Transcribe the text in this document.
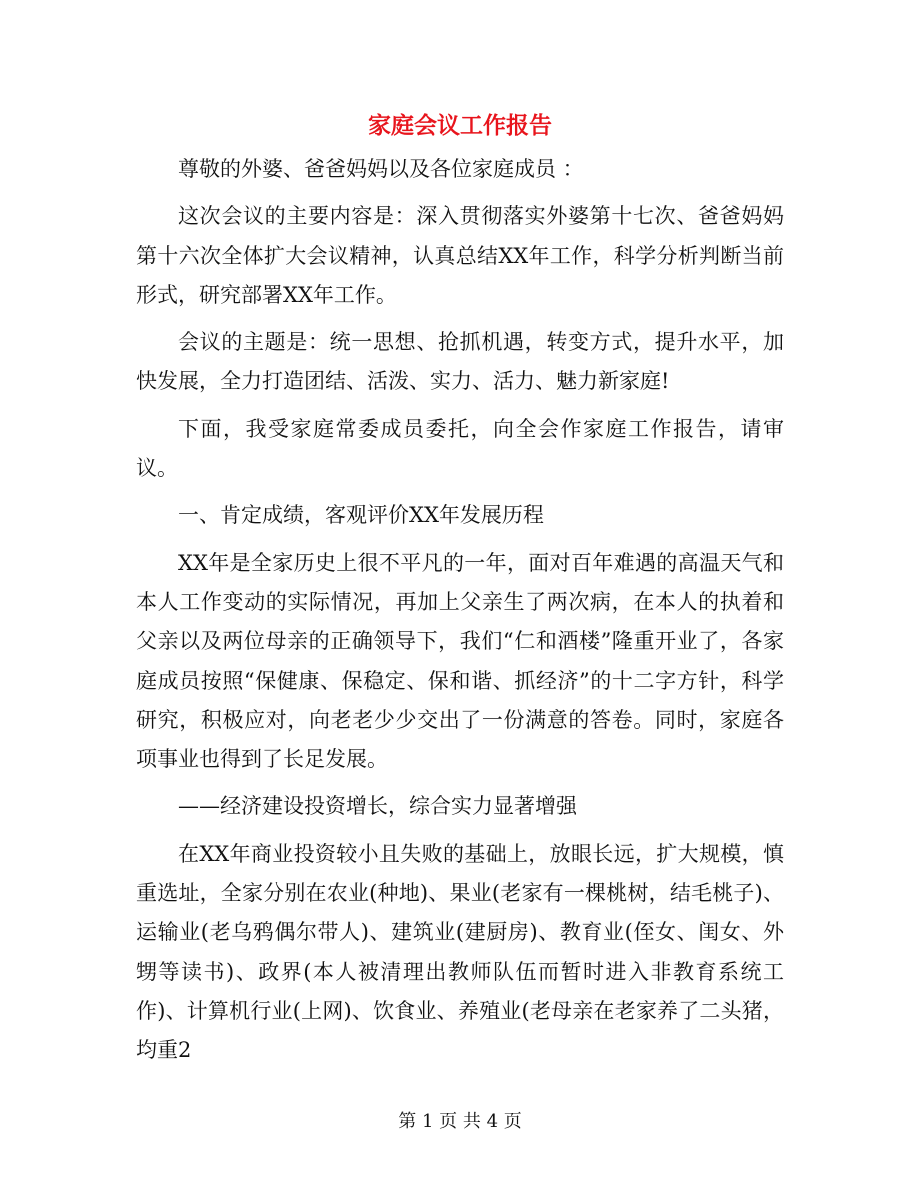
家庭会议工作报告

尊敬的外婆、爸爸妈妈以及各位家庭成员 ：

这次会议的主要内容是：深入贯彻落实外婆第十七次、爸爸妈妈第十六次全体扩大会议精神，认真总结XX年工作，科学分析判断当前形式，研究部署XX年工作。

会议的主题是：统一思想、抢抓机遇，转变方式，提升水平，加快发展，全力打造团结、活泼、实力、活力、魅力新家庭!

下面，我受家庭常委成员委托，向全会作家庭工作报告，请审议。

一、肯定成绩，客观评价XX年发展历程

XX年是全家历史上很不平凡的一年，面对百年难遇的高温天气和本人工作变动的实际情况，再加上父亲生了两次病，在本人的执着和父亲以及两位母亲的正确领导下，我们“仁和酒楼”隆重开业了，各家庭成员按照“保健康、保稳定、保和谐、抓经济”的十二字方针，科学研究，积极应对，向老老少少交出了一份满意的答卷。同时，家庭各项事业也得到了长足发展。

——经济建设投资增长，综合实力显著增强

在XX年商业投资较小且失败的基础上，放眼长远，扩大规模，慎重选址，全家分别在农业(种地)、果业(老家有一棵桃树，结毛桃子)、运输业(老乌鸦偶尔带人)、建筑业(建厨房)、教育业(侄女、闺女、外甥等读书)、政界(本人被清理出教师队伍而暂时进入非教育系统工作)、计算机行业(上网)、饮食业、养殖业(老母亲在老家养了二头猪，均重2

第 1 页 共 4 页
